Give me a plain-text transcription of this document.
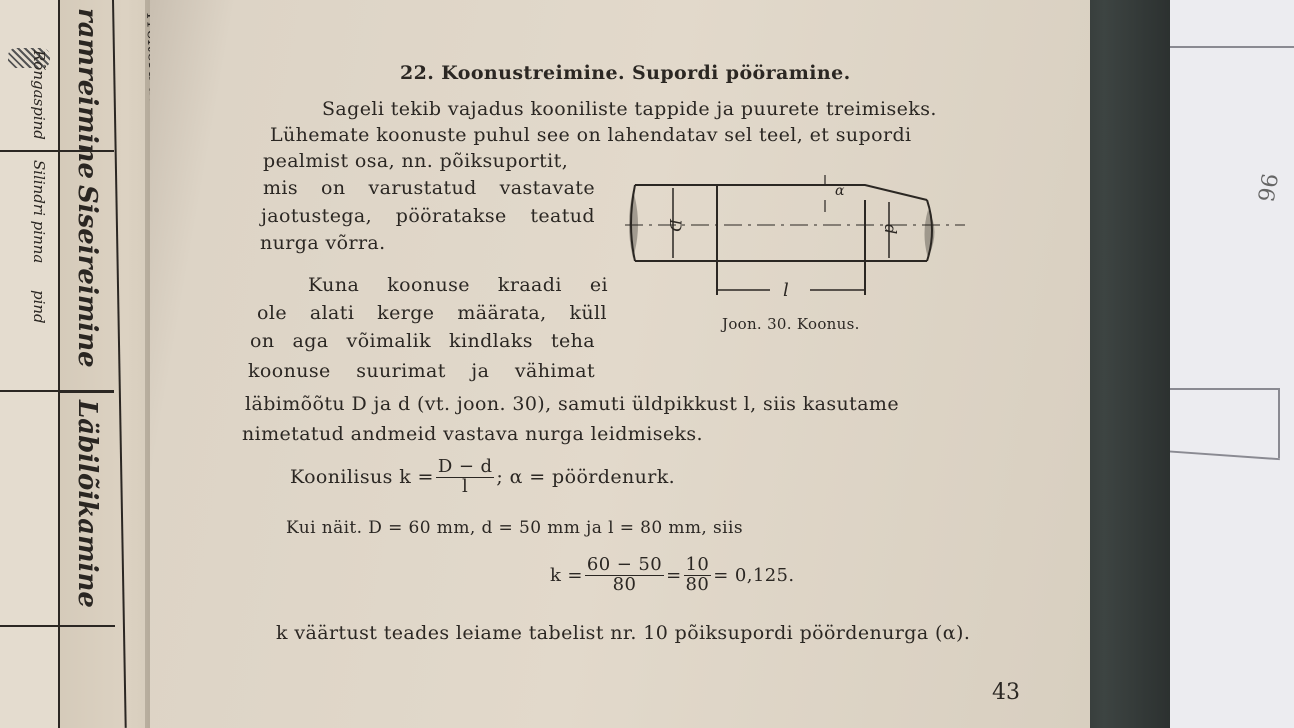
96
ramreimine
Siseireimine
Läbilõikamine
Rõngaspind
Silindri pinna
pind
22. Koonustreimine. Supordi pööramine.
Sageli tekib vajadus kooniliste tappide ja puurete treimiseks.
Lühemate koonuste puhul see on lahendatav sel teel, et supordi
pealmist osa, nn. põiksuportit,
mis on varustatud vastavate
jaotustega, pööratakse teatud
nurga võrra.
Kuna koonuse kraadi ei
ole alati kerge määrata, küll
on aga võimalik kindlaks teha
koonuse suurimat ja vähimat
läbimõõtu D ja d (vt. joon. 30), samuti üldpikkust l, siis kasutame
nimetatud andmeid vastava nurga leidmiseks.
Koonilisus $k = \frac{D - d}{l}$ ; α = pöördenurk.
Kui näit. D = 60 mm, d = 50 mm ja l = 80 mm, siis
$k = \frac{60 - 50}{80} = \frac{10}{80} = 0,125$.
k väärtust teades leiame tabelist nr. 10 põiksupordi pöördenurga (α).
D	d
l
α
Joon. 30. Koonus.
43
